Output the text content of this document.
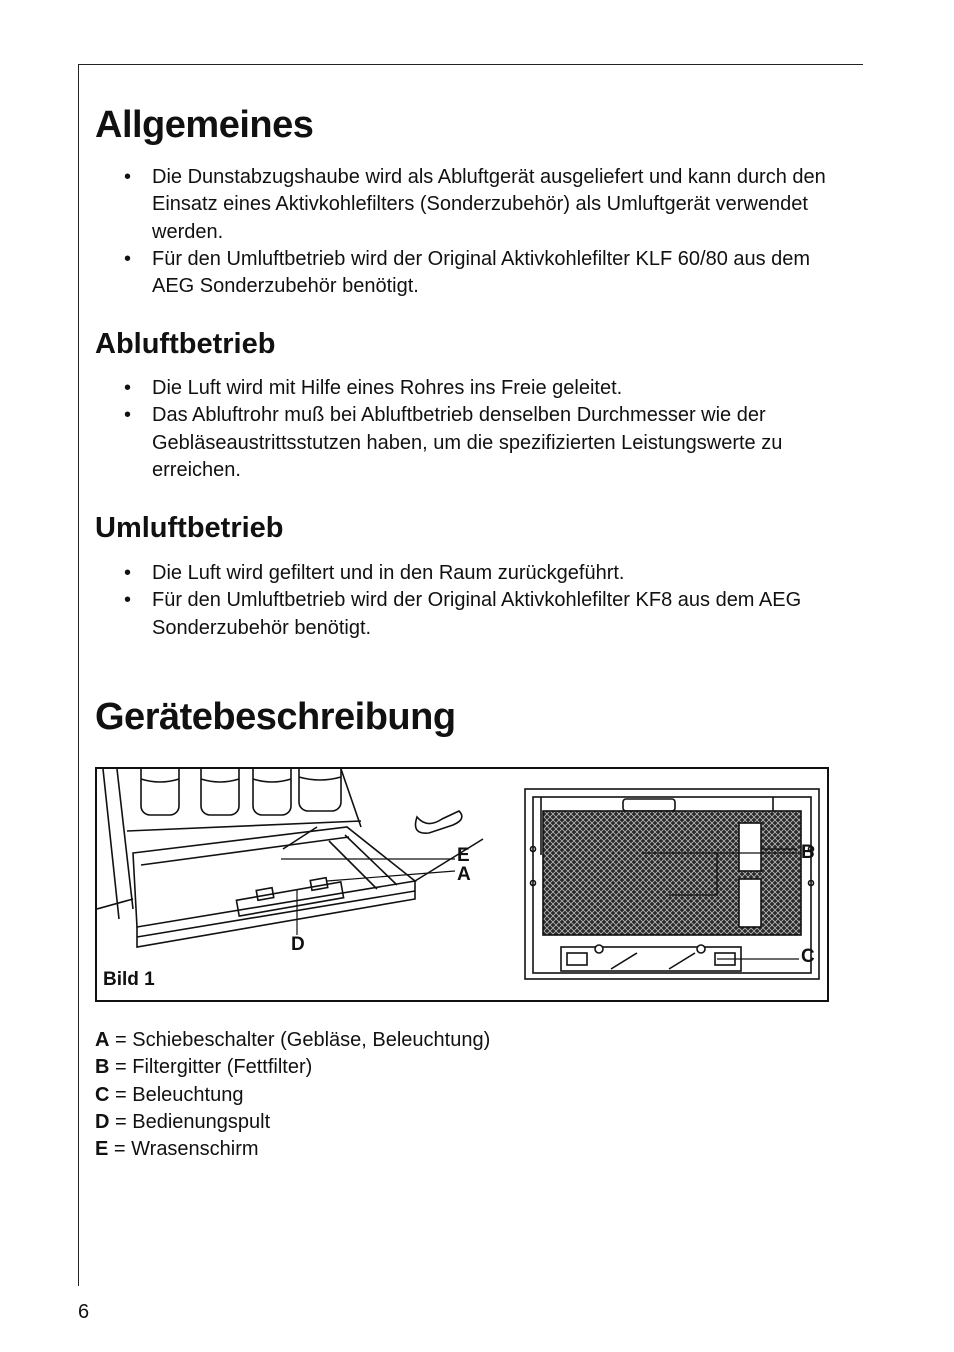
Allgemeines
• Die Dunstabzugshaube wird als Abluftgerät ausgeliefert und kann durch den Einsatz eines Aktivkohlefilters (Sonderzubehör) als Umluftgerät verwendet werden.
• Für den Umluftbetrieb wird der Original Aktivkohlefilter KLF 60/80 aus dem AEG Sonderzubehör benötigt.
Abluftbetrieb
• Die Luft wird mit Hilfe eines Rohres ins Freie geleitet.
• Das Abluftrohr muß bei Abluftbetrieb denselben Durchmesser wie der Gebläseaustrittsstutzen haben, um die spezifizierten Leistungswerte zu erreichen.
Umluftbetrieb
• Die Luft wird gefiltert und in den Raum zurückgeführt.
• Für den Umluftbetrieb wird der Original Aktivkohlefilter KF8 aus dem AEG Sonderzubehör benötigt.
Gerätebeschreibung
E
A
D
B
C
Bild 1
A = Schiebeschalter (Gebläse, Beleuchtung)
B = Filtergitter (Fettfilter)
C = Beleuchtung
D = Bedienungspult
E = Wrasenschirm
6
